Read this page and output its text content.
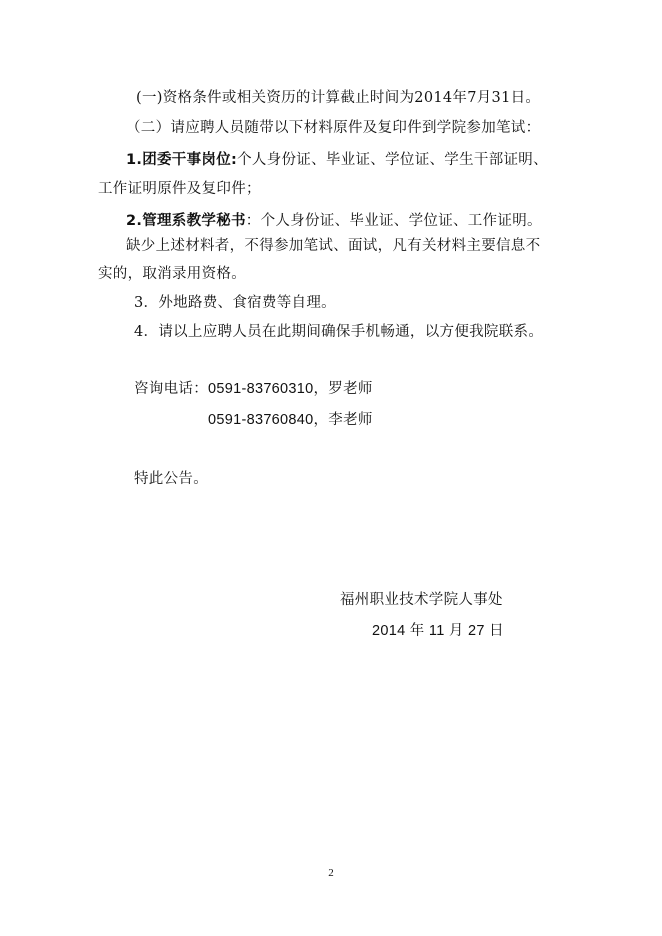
(一)资格条件或相关资历的计算截止时间为2014年7月31日。
（二）请应聘人员随带以下材料原件及复印件到学院参加笔试：
1.团委干事岗位:个人身份证、毕业证、学位证、学生干部证明、
工作证明原件及复印件；
2.管理系教学秘书：个人身份证、毕业证、学位证、工作证明。
缺少上述材料者，不得参加笔试、面试，凡有关材料主要信息不
实的，取消录用资格。
3．外地路费、食宿费等自理。
4．请以上应聘人员在此期间确保手机畅通，以方便我院联系。
咨询电话：0591-83760310，罗老师
0591-83760840，李老师
特此公告。
福州职业技术学院人事处
2014 年 11 月 27 日
2
